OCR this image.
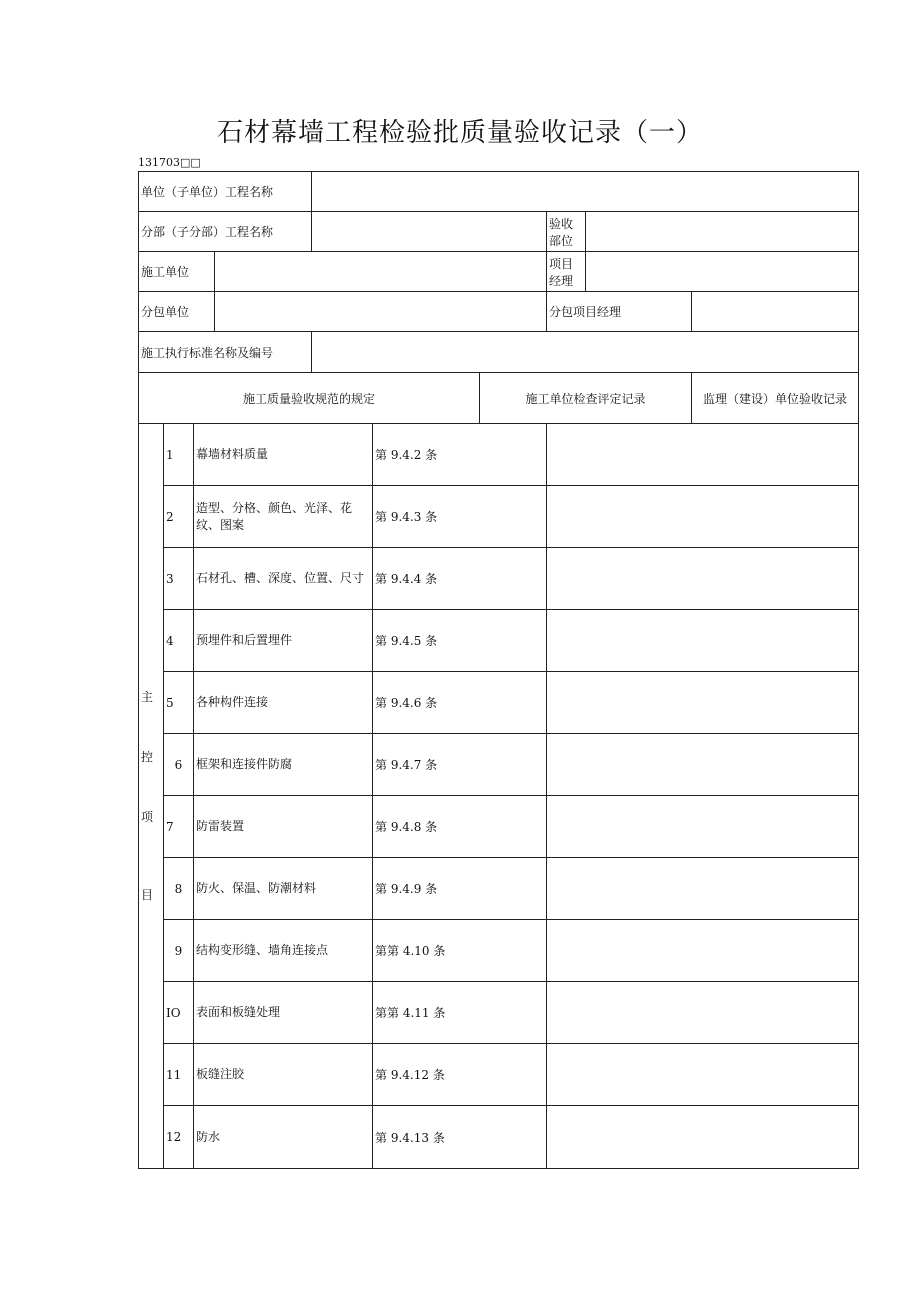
石材幕墙工程检验批质量验收记录（一）
131703□□
单位（子单位）工程名称										
分部（子分部）工程名称							验收部位			
施工单位							项目经理			
分包单位							分包项目经理			
施工执行标准名称及编号										
施工质量验收规范的规定						施工单位检查评定记录			监理（建设）单位验收记录	

主
控
项
目	1	幕墙材料质量			第 9.4.2 条					
	2	造型、分格、颜色、光泽、花纹、图案			第 9.4.3 条					
	3	石材孔、槽、深度、位置、尺寸			第 9.4.4 条					
	4	预埋件和后置埋件			第 9.4.5 条					
	5	各种构件连接			第 9.4.6 条					
	6	框架和连接件防腐			第 9.4.7 条					
	7	防雷装置			第 9.4.8 条					
	8	防火、保温、防潮材料			第 9.4.9 条					
	9	结构变形缝、墙角连接点			第第 4.10 条					
	IO	表面和板缝处理			第第 4.11 条					
	11	板缝注胶			第 9.4.12 条					
	12	防水			第 9.4.13 条					
